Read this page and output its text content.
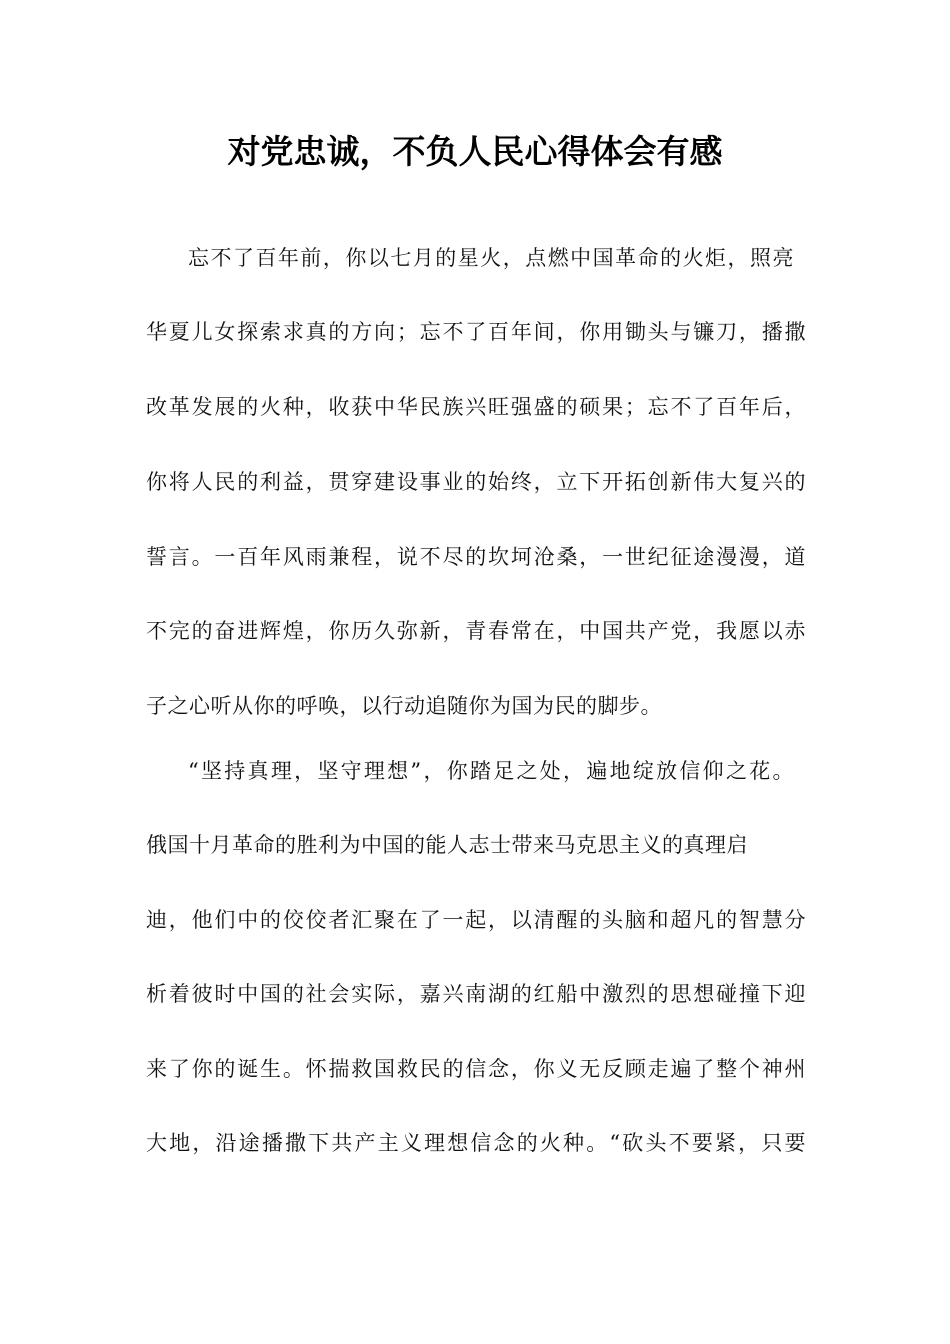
对党忠诚，不负人民心得体会有感
忘不了百年前，你以七月的星火，点燃中国革命的火炬，照亮
华夏儿女探索求真的方向；忘不了百年间，你用锄头与镰刀，播撒
改革发展的火种，收获中华民族兴旺强盛的硕果；忘不了百年后，
你将人民的利益，贯穿建设事业的始终，立下开拓创新伟大复兴的
誓言。一百年风雨兼程，说不尽的坎坷沧桑，一世纪征途漫漫，道
不完的奋进辉煌，你历久弥新，青春常在，中国共产党，我愿以赤
子之心听从你的呼唤，以行动追随你为国为民的脚步。
“坚持真理，坚守理想”，你踏足之处，遍地绽放信仰之花。
俄国十月革命的胜利为中国的能人志士带来马克思主义的真理启
迪，他们中的佼佼者汇聚在了一起，以清醒的头脑和超凡的智慧分
析着彼时中国的社会实际，嘉兴南湖的红船中激烈的思想碰撞下迎
来了你的诞生。怀揣救国救民的信念，你义无反顾走遍了整个神州
大地，沿途播撒下共产主义理想信念的火种。“砍头不要紧，只要
